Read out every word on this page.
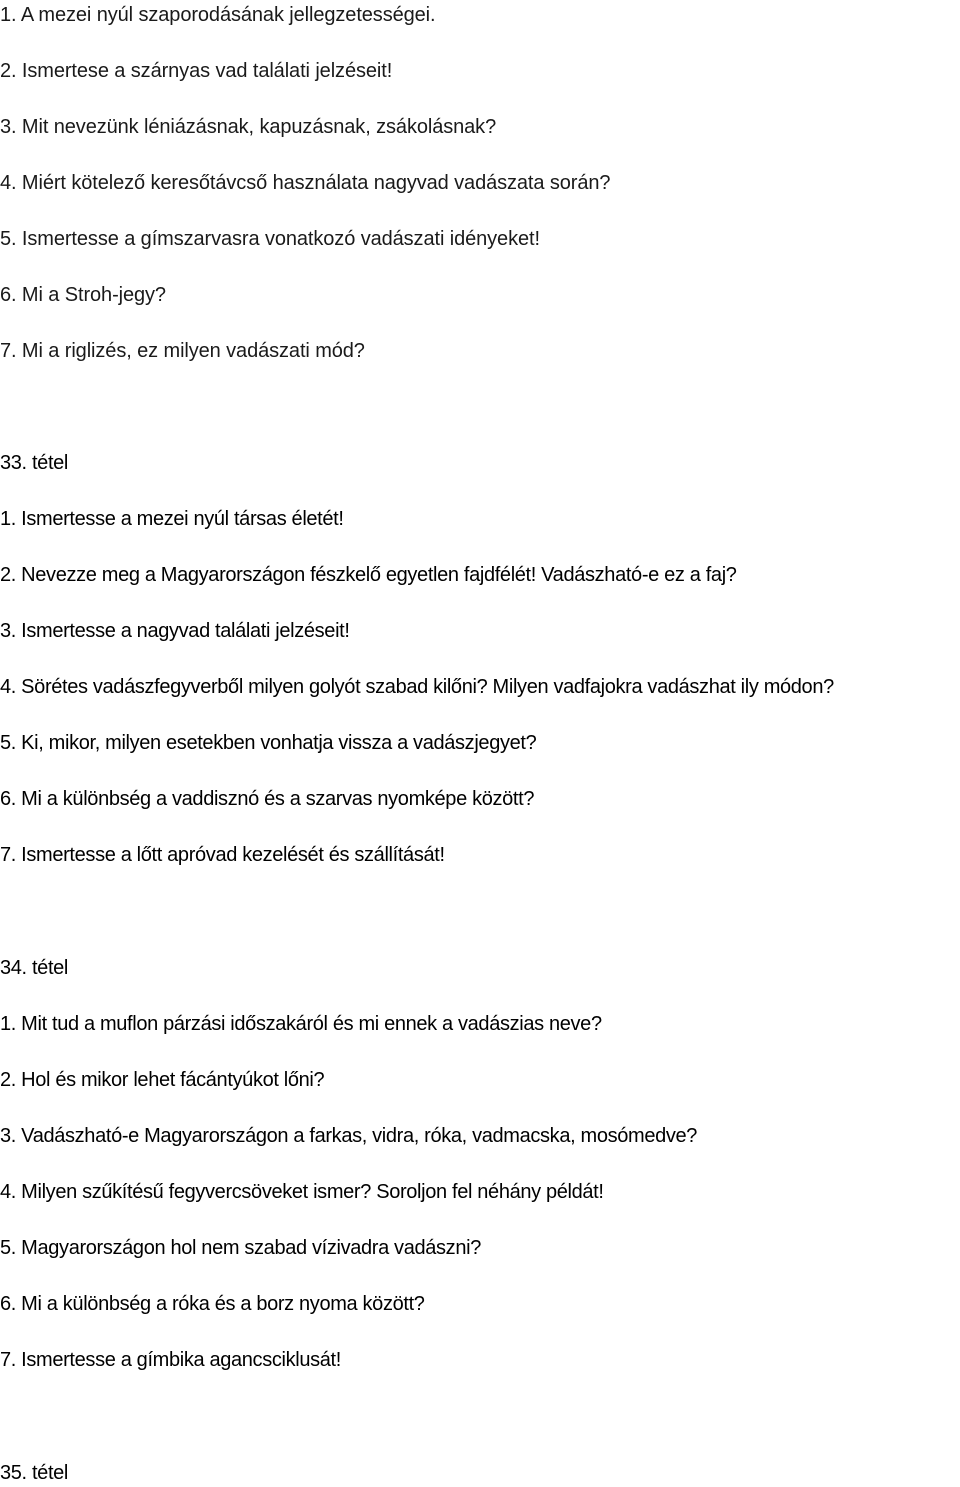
1. A mezei nyúl szaporodásának jellegzetességei.
2. Ismertese a szárnyas vad találati jelzéseit!
3. Mit nevezünk léniázásnak, kapuzásnak, zsákolásnak?
4. Miért kötelező keresőtávcső használata nagyvad vadászata során?
5. Ismertesse a gímszarvasra vonatkozó vadászati idényeket!
6. Mi a Stroh-jegy?
7. Mi a riglizés, ez milyen vadászati mód?
33. tétel
1. Ismertesse a mezei nyúl társas életét!
2. Nevezze meg a Magyarországon fészkelő egyetlen fajdfélét! Vadászható-e ez a faj?
3. Ismertesse a nagyvad találati jelzéseit!
4. Sörétes vadászfegyverből milyen golyót szabad kilőni? Milyen vadfajokra vadászhat ily módon?
5. Ki, mikor, milyen esetekben vonhatja vissza a vadászjegyet?
6. Mi a különbség a vaddisznó és a szarvas nyomképe között?
7. Ismertesse a lőtt apróvad kezelését és szállítását!
34. tétel
1. Mit tud a muflon párzási időszakáról és mi ennek a vadászias neve?
2. Hol és mikor lehet fácántyúkot lőni?
3. Vadászható-e Magyarországon a farkas, vidra, róka, vadmacska, mosómedve?
4. Milyen szűkítésű fegyvercsöveket ismer? Soroljon fel néhány példát!
5. Magyarországon hol nem szabad vízivadra vadászni?
6. Mi a különbség a róka és a borz nyoma között?
7. Ismertesse a gímbika agancsciklusát!
35. tétel
